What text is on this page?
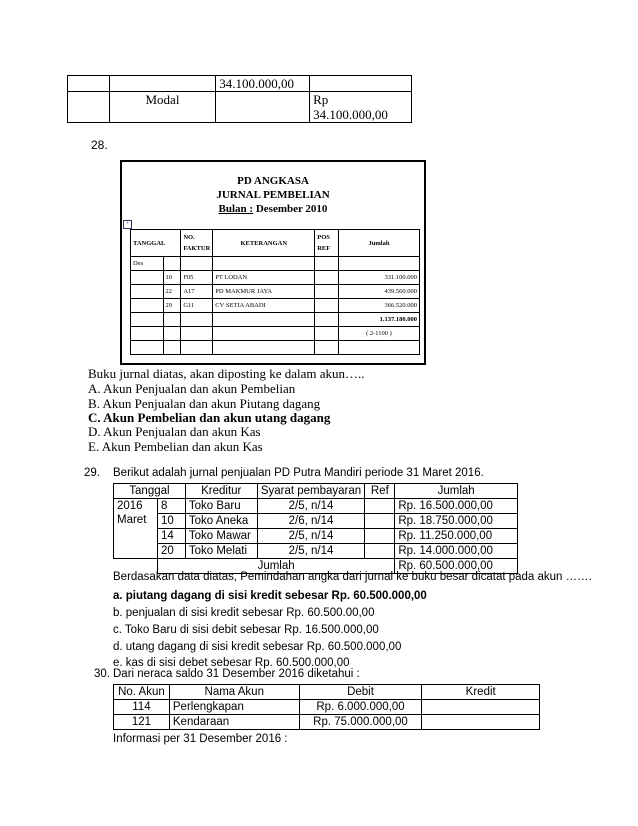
		34.100.000,00	
	Modal		Rp
34.100.000,00
28.
PD ANGKASA
JURNAL PEMBELIAN
Bulan : Desember 2010
+
TANGGAL		NO. FAKTUR	KETERANGAN	POS REF	Jumlah
Des					
	10	F05	PT LODAN		331.100.000
	22	A17	PD MAKMUR JAYA		439.560.000
	29	G11	CV SETIA ABADI		366.520.000
					1.137.180.000
					( 2-1100 )

Buku jurnal diatas, akan diposting ke dalam akun…..
A. Akun Penjualan dan akun Pembelian
B. Akun Penjualan dan akun Piutang dagang
C. Akun Pembelian dan akun utang dagang
D. Akun Penjualan dan akun Kas
E. Akun Pembelian dan akun Kas
29. Berikut adalah jurnal penjualan PD Putra Mandiri periode 31 Maret 2016.
Tanggal		Kreditur	Syarat pembayaran	Ref	Jumlah

2016
Maret	8	Toko Baru	2/5, n/14		Rp. 16.500.000,00
	10	Toko Aneka	2/6, n/14		Rp. 18.750.000,00
	14	Toko Mawar	2/5, n/14		Rp. 11.250.000,00
	20	Toko Melati	2/5, n/14		Rp. 14.000.000,00
	Jumlah				Rp. 60.500.000,00
Berdasakan data diatas, Pemindahan angka dari jurnal ke buku besar dicatat pada akun …….
a. piutang dagang di sisi kredit sebesar Rp. 60.500.000,00
b. penjualan di sisi kredit sebesar Rp. 60.500.00,00
c. Toko Baru di sisi debit sebesar Rp. 16.500.000,00
d. utang dagang di sisi kredit sebesar Rp. 60.500.000,00
e. kas di sisi debet sebesar Rp. 60.500.000,00
30. Dari neraca saldo 31 Desember 2016 diketahui :
No. Akun	Nama Akun	Debit	Kredit
114	Perlengkapan	Rp. 6.000.000,00	
121	Kendaraan	Rp. 75.000.000,00	
Informasi per 31 Desember 2016 :
